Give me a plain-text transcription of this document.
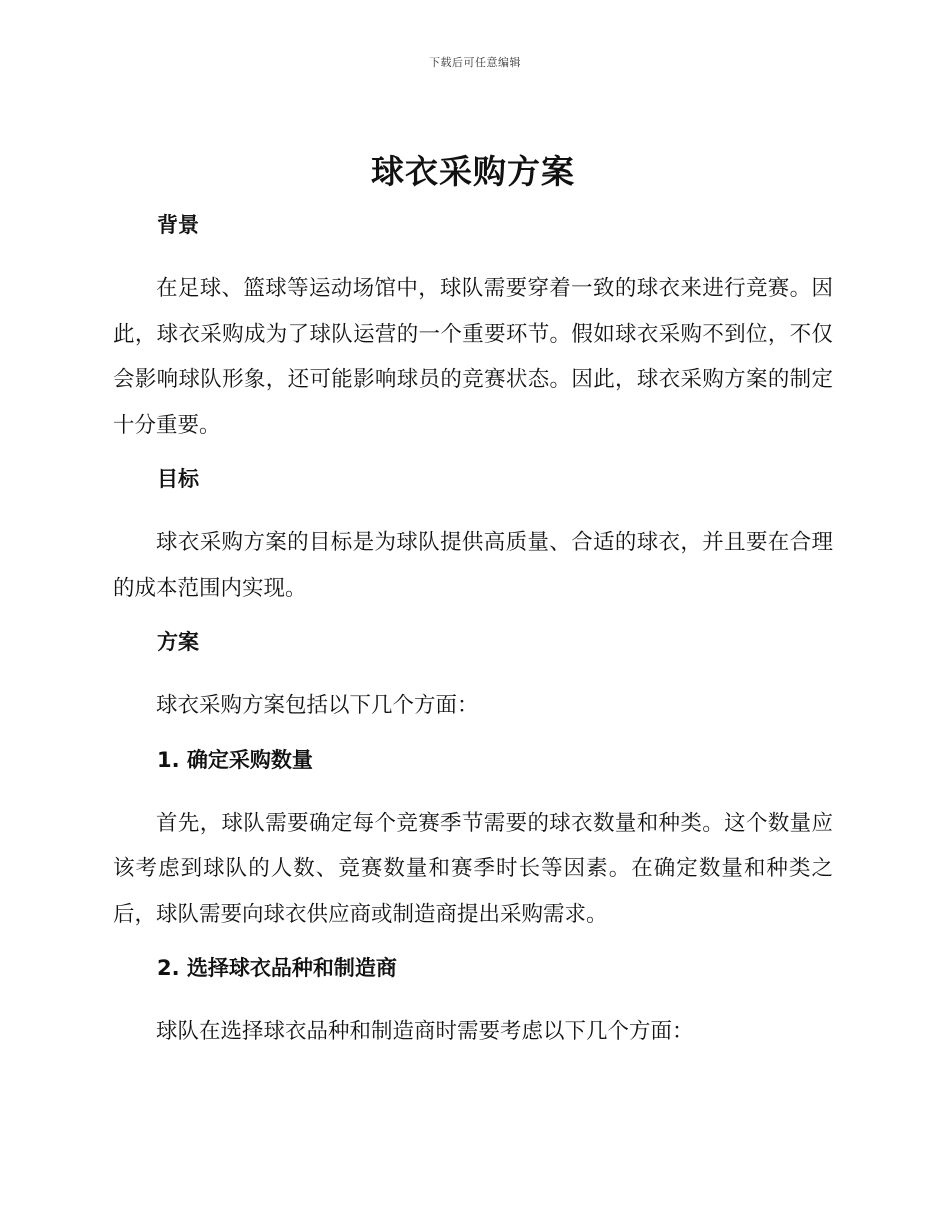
下载后可任意编辑
球衣采购方案
背景

在足球、篮球等运动场馆中，球队需要穿着一致的球衣来进行竞赛。因此，球衣采购成为了球队运营的一个重要环节。假如球衣采购不到位，不仅会影响球队形象，还可能影响球员的竞赛状态。因此，球衣采购方案的制定十分重要。

目标

球衣采购方案的目标是为球队提供高质量、合适的球衣，并且要在合理的成本范围内实现。

方案

球衣采购方案包括以下几个方面：

1. 确定采购数量

首先，球队需要确定每个竞赛季节需要的球衣数量和种类。这个数量应该考虑到球队的人数、竞赛数量和赛季时长等因素。在确定数量和种类之后，球队需要向球衣供应商或制造商提出采购需求。

2. 选择球衣品种和制造商

球队在选择球衣品种和制造商时需要考虑以下几个方面：
